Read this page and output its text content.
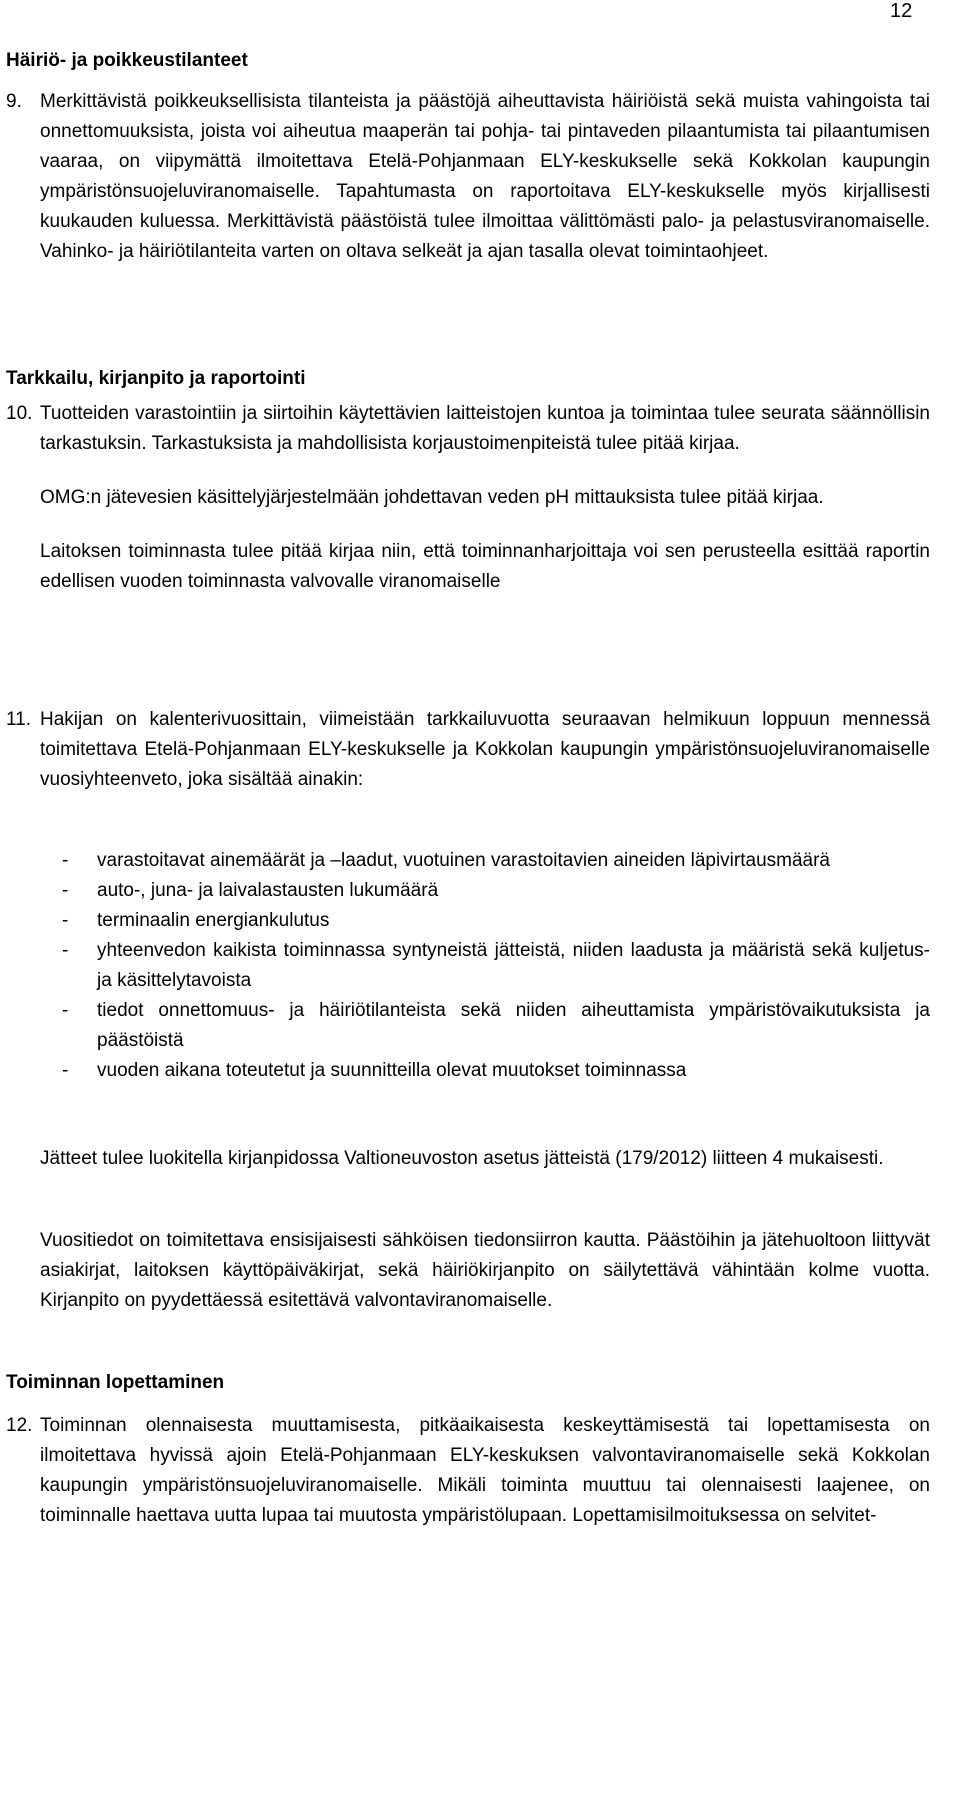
12
Häiriö- ja poikkeustilanteet
9. Merkittävistä poikkeuksellisista tilanteista ja päästöjä aiheuttavista häiriöistä sekä muista vahingoista tai onnettomuuksista, joista voi aiheutua maaperän tai pohja- tai pintaveden pilaantumista tai pilaantumisen vaaraa, on viipymättä ilmoitettava Etelä-Pohjanmaan ELY-keskukselle sekä Kokkolan kaupungin ympäristönsuojeluviranomaiselle. Tapahtumasta on raportoitava ELY-keskukselle myös kirjallisesti kuukauden kuluessa. Merkittävistä päästöistä tulee ilmoittaa välittömästi palo- ja pelastusviranomaiselle. Vahinko- ja häiriötilanteita varten on oltava selkeät ja ajan tasalla olevat toimintaohjeet.

Tarkkailu, kirjanpito ja raportointi
10. Tuotteiden varastointiin ja siirtoihin käytettävien laitteistojen kuntoa ja toimintaa tulee seurata säännöllisin tarkastuksin. Tarkastuksista ja mahdollisista korjaustoimenpiteistä tulee pitää kirjaa.

OMG:n jätevesien käsittelyjärjestelmään johdettavan veden pH mittauksista tulee pitää kirjaa.

Laitoksen toiminnasta tulee pitää kirjaa niin, että toiminnanharjoittaja voi sen perusteella esittää raportin edellisen vuoden toiminnasta valvovalle viranomaiselle

11. Hakijan on kalenterivuosittain, viimeistään tarkkailuvuotta seuraavan helmikuun loppuun mennessä toimitettava Etelä-Pohjanmaan ELY-keskukselle ja Kokkolan kaupungin ympäristönsuojeluviranomaiselle vuosiyhteenveto, joka sisältää ainakin:

- varastoitavat ainemäärät ja –laadut, vuotuinen varastoitavien aineiden läpivirtausmäärä
- auto-, juna- ja laivalastausten lukumäärä
- terminaalin energiankulutus
- yhteenvedon kaikista toiminnassa syntyneistä jätteistä, niiden laadusta ja määristä sekä kuljetus- ja käsittelytavoista
- tiedot onnettomuus- ja häiriötilanteista sekä niiden aiheuttamista ympäristövaikutuksista ja päästöistä
- vuoden aikana toteutetut ja suunnitteilla olevat muutokset toiminnassa

Jätteet tulee luokitella kirjanpidossa Valtioneuvoston asetus jätteistä (179/2012) liitteen 4 mukaisesti.

Vuositiedot on toimitettava ensisijaisesti sähköisen tiedonsiirron kautta. Päästöihin ja jätehuoltoon liittyvät asiakirjat, laitoksen käyttöpäiväkirjat, sekä häiriökirjanpito on säilytettävä vähintään kolme vuotta. Kirjanpito on pyydettäessä esitettävä valvontaviranomaiselle.

Toiminnan lopettaminen
12. Toiminnan olennaisesta muuttamisesta, pitkäaikaisesta keskeyttämisestä tai lopettamisesta on ilmoitettava hyvissä ajoin Etelä-Pohjanmaan ELY-keskuksen valvontaviranomaiselle sekä Kokkolan kaupungin ympäristönsuojeluviranomaiselle. Mikäli toiminta muuttuu tai olennaisesti laajenee, on toiminnalle haettava uutta lupaa tai muutosta ympäristölupaan. Lopettamisilmoituksessa on selvitet-
